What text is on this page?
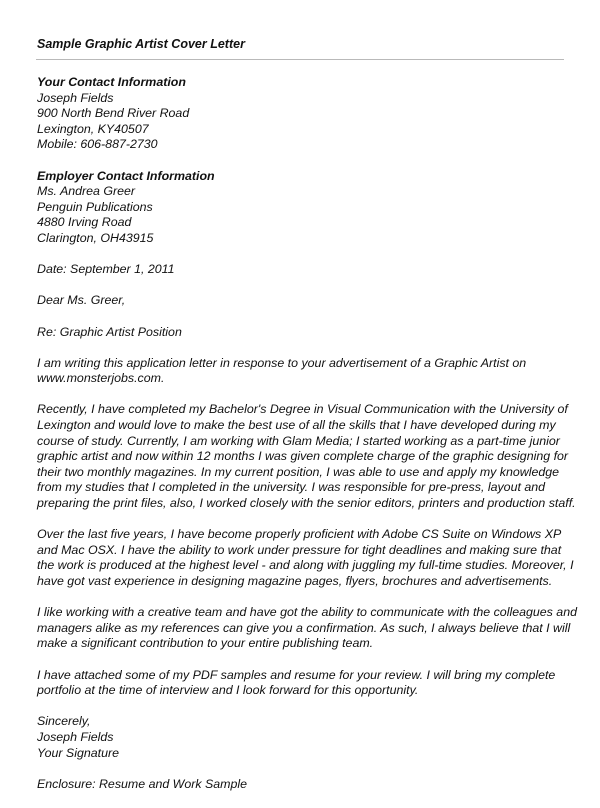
Sample Graphic Artist Cover Letter
Your Contact Information
Joseph Fields
900 North Bend River Road
Lexington, KY40507
Mobile: 606-887-2730
Employer Contact Information
Ms. Andrea Greer
Penguin Publications
4880 Irving Road
Clarington, OH43915
Date: September 1, 2011
Dear Ms. Greer,
Re: Graphic Artist Position
I am writing this application letter in response to your advertisement of a Graphic Artist on
www.monsterjobs.com.
Recently, I have completed my Bachelor's Degree in Visual Communication with the University of
Lexington and would love to make the best use of all the skills that I have developed during my
course of study. Currently, I am working with Glam Media; I started working as a part-time junior
graphic artist and now within 12 months I was given complete charge of the graphic designing for
their two monthly magazines. In my current position, I was able to use and apply my knowledge
from my studies that I completed in the university. I was responsible for pre-press, layout and
preparing the print files, also, I worked closely with the senior editors, printers and production staff.
Over the last five years, I have become properly proficient with Adobe CS Suite on Windows XP
and Mac OSX. I have the ability to work under pressure for tight deadlines and making sure that
the work is produced at the highest level - and along with juggling my full-time studies. Moreover, I
have got vast experience in designing magazine pages, flyers, brochures and advertisements.
I like working with a creative team and have got the ability to communicate with the colleagues and
managers alike as my references can give you a confirmation. As such, I always believe that I will
make a significant contribution to your entire publishing team.
I have attached some of my PDF samples and resume for your review. I will bring my complete
portfolio at the time of interview and I look forward for this opportunity.
Sincerely,
Joseph Fields
Your Signature
Enclosure: Resume and Work Sample
